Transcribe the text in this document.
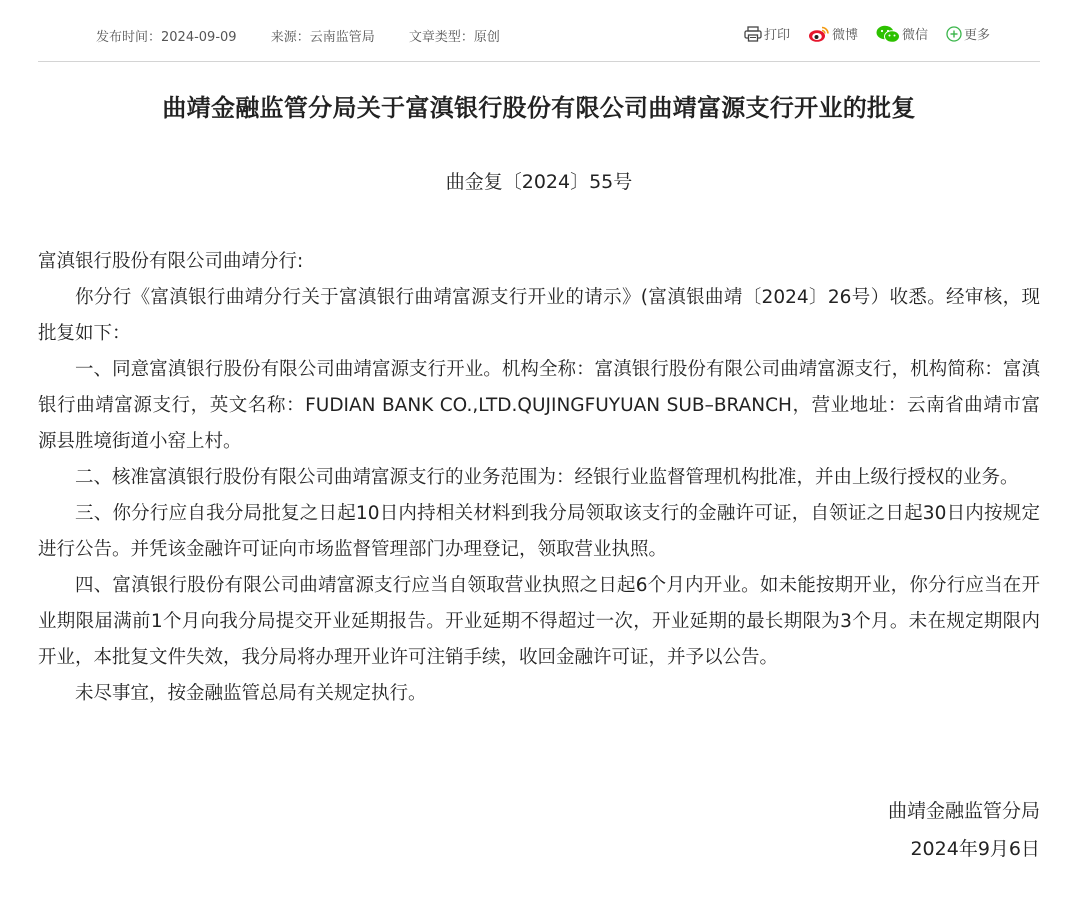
发布时间：2024-09-09	来源：云南监管局	文章类型：原创	打印	微博	微信	更多
曲靖金融监管分局关于富滇银行股份有限公司曲靖富源支行开业的批复
曲金复〔2024〕55号

富滇银行股份有限公司曲靖分行:

你分行《富滇银行曲靖分行关于富滇银行曲靖富源支行开业的请示》(富滇银曲靖〔2024〕26号）收悉。经审核，现批复如下：

一、同意富滇银行股份有限公司曲靖富源支行开业。机构全称：富滇银行股份有限公司曲靖富源支行，机构简称：富滇银行曲靖富源支行，英文名称：FUDIAN BANK CO.,LTD.QUJINGFUYUAN SUB–BRANCH，营业地址：云南省曲靖市富源县胜境街道小窑上村。

二、核准富滇银行股份有限公司曲靖富源支行的业务范围为：经银行业监督管理机构批准，并由上级行授权的业务。

三、你分行应自我分局批复之日起10日内持相关材料到我分局领取该支行的金融许可证，自领证之日起30日内按规定进行公告。并凭该金融许可证向市场监督管理部门办理登记，领取营业执照。

四、富滇银行股份有限公司曲靖富源支行应当自领取营业执照之日起6个月内开业。如未能按期开业，你分行应当在开业期限届满前1个月向我分局提交开业延期报告。开业延期不得超过一次，开业延期的最长期限为3个月。未在规定期限内开业，本批复文件失效，我分局将办理开业许可注销手续，收回金融许可证，并予以公告。

未尽事宜，按金融监管总局有关规定执行。

曲靖金融监管分局
2024年9月6日
